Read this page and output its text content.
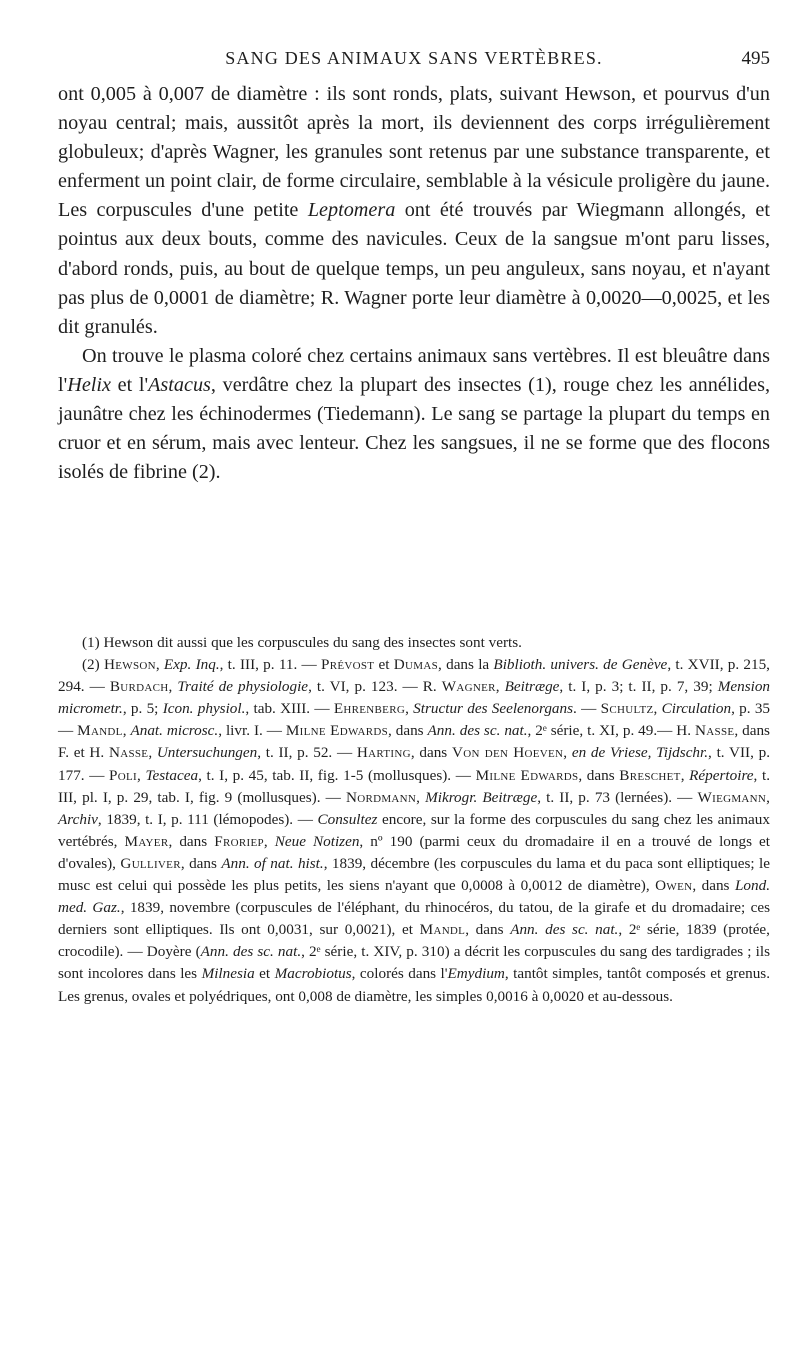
SANG DES ANIMAUX SANS VERTÈBRES.	495

ont 0,005 à 0,007 de diamètre : ils sont ronds, plats, suivant Hewson, et pourvus d'un noyau central; mais, aussitôt après la mort, ils deviennent des corps irrégulièrement globuleux; d'après Wagner, les granules sont retenus par une substance transparente, et enferment un point clair, de forme circulaire, semblable à la vésicule proligère du jaune. Les corpuscules d'une petite Leptomera ont été trouvés par Wiegmann allongés, et pointus aux deux bouts, comme des navicules. Ceux de la sangsue m'ont paru lisses, d'abord ronds, puis, au bout de quelque temps, un peu anguleux, sans noyau, et n'ayant pas plus de 0,0001 de diamètre; R. Wagner porte leur diamètre à 0,0020—0,0025, et les dit granulés.

On trouve le plasma coloré chez certains animaux sans vertèbres. Il est bleuâtre dans l'Helix et l'Astacus, verdâtre chez la plupart des insectes (1), rouge chez les annélides, jaunâtre chez les échinodermes (Tiedemann). Le sang se partage la plupart du temps en cruor et en sérum, mais avec lenteur. Chez les sangsues, il ne se forme que des flocons isolés de fibrine (2).

(1) Hewson dit aussi que les corpuscules du sang des insectes sont verts.

(2) Hewson, Exp. Inq., t. III, p. 11. — Prévost et Dumas, dans la Biblioth. univers. de Genève, t. XVII, p. 215, 294. — Burdach, Traité de physiologie, t. VI, p. 123. — R. Wagner, Beitræge, t. I, p. 3; t. II, p. 7, 39; Mension micrometr., p. 5; Icon. physiol., tab. XIII. — Ehrenberg, Structur des Seelenorgans. — Schultz, Circulation, p. 35 — Mandl, Anat. microsc., livr. I. — Milne Edwards, dans Ann. des sc. nat., 2ᵉ série, t. XI, p. 49.— H. Nasse, dans F. et H. Nasse, Untersuchungen, t. II, p. 52. — Harting, dans Von den Hoeven, en de Vriese, Tijdschr., t. VII, p. 177. — Poli, Testacea, t. I, p. 45, tab. II, fig. 1-5 (mollusques). — Milne Edwards, dans Breschet, Répertoire, t. III, pl. I, p. 29, tab. I, fig. 9 (mollusques). — Nordmann, Mikrogr. Beitræge, t. II, p. 73 (lernées). — Wiegmann, Archiv, 1839, t. I, p. 111 (lémopodes). — Consultez encore, sur la forme des corpuscules du sang chez les animaux vertébrés, Mayer, dans Froriep, Neue Notizen, nº 190 (parmi ceux du dromadaire il en a trouvé de longs et d'ovales), Gulliver, dans Ann. of nat. hist., 1839, décembre (les corpuscules du lama et du paca sont elliptiques; le musc est celui qui possède les plus petits, les siens n'ayant que 0,0008 à 0,0012 de diamètre), Owen, dans Lond. med. Gaz., 1839, novembre (corpuscules de l'éléphant, du rhinocéros, du tatou, de la girafe et du dromadaire; ces derniers sont elliptiques. Ils ont 0,0031, sur 0,0021), et Mandl, dans Ann. des sc. nat., 2ᵉ série, 1839 (protée, crocodile). — Doyère (Ann. des sc. nat., 2ᵉ série, t. XIV, p. 310) a décrit les corpuscules du sang des tardigrades ; ils sont incolores dans les Milnesia et Macrobiotus, colorés dans l'Emydium, tantôt simples, tantôt composés et grenus. Les grenus, ovales et polyédriques, ont 0,008 de diamètre, les simples 0,0016 à 0,0020 et au-dessous.
